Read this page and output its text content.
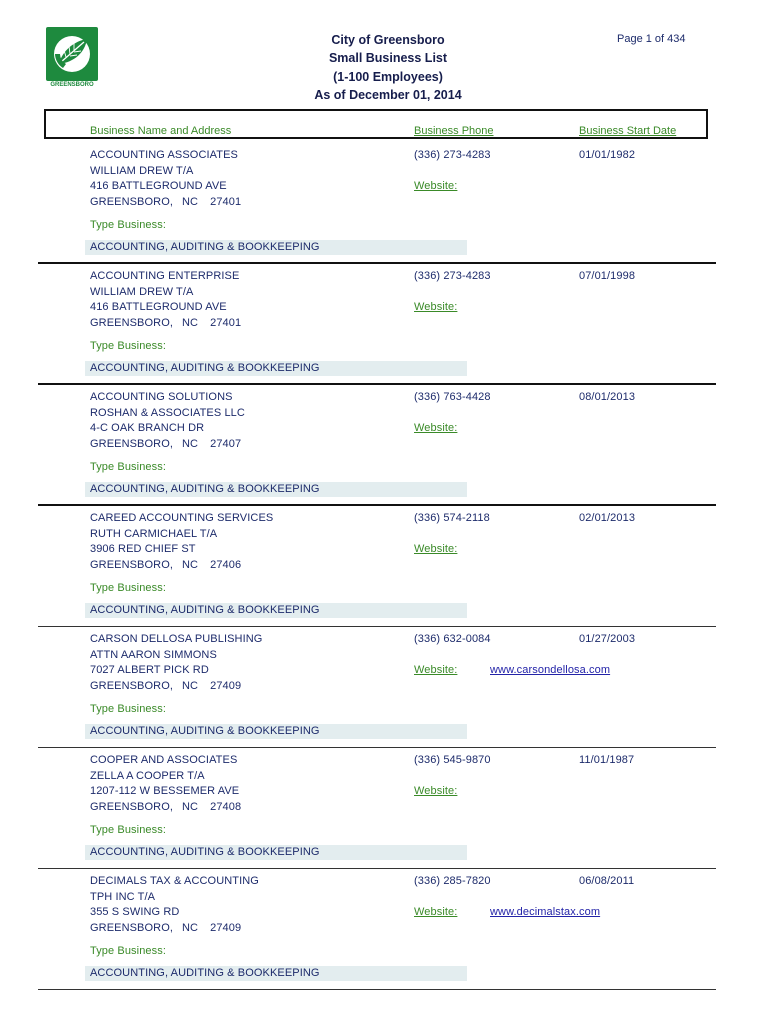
GREENSBORO
City of Greensboro
Small Business List
(1-100 Employees)
As of December 01, 2014
Page 1 of 434
Business Name and Address	Business Phone	Business Start Date
ACCOUNTING ASSOCIATES
WILLIAM DREW T/A
416 BATTLEGROUND AVE
GREENSBORO, NC 27401
(336) 273-4283	01/01/1982
Website:
Type Business:
ACCOUNTING, AUDITING & BOOKKEEPING
ACCOUNTING ENTERPRISE
WILLIAM DREW T/A
416 BATTLEGROUND AVE
GREENSBORO, NC 27401
(336) 273-4283	07/01/1998
Website:
Type Business:
ACCOUNTING, AUDITING & BOOKKEEPING
ACCOUNTING SOLUTIONS
ROSHAN & ASSOCIATES LLC
4-C OAK BRANCH DR
GREENSBORO, NC 27407
(336) 763-4428	08/01/2013
Website:
Type Business:
ACCOUNTING, AUDITING & BOOKKEEPING
CAREED ACCOUNTING SERVICES
RUTH CARMICHAEL T/A
3906 RED CHIEF ST
GREENSBORO, NC 27406
(336) 574-2118	02/01/2013
Website:
Type Business:
ACCOUNTING, AUDITING & BOOKKEEPING
CARSON DELLOSA PUBLISHING
ATTN AARON SIMMONS
7027 ALBERT PICK RD
GREENSBORO, NC 27409
(336) 632-0084	01/27/2003
Website:	www.carsondellosa.com
Type Business:
ACCOUNTING, AUDITING & BOOKKEEPING
COOPER AND ASSOCIATES
ZELLA A COOPER T/A
1207-112 W BESSEMER AVE
GREENSBORO, NC 27408
(336) 545-9870	11/01/1987
Website:
Type Business:
ACCOUNTING, AUDITING & BOOKKEEPING
DECIMALS TAX & ACCOUNTING
TPH INC T/A
355 S SWING RD
GREENSBORO, NC 27409
(336) 285-7820	06/08/2011
Website:	www.decimalstax.com
Type Business:
ACCOUNTING, AUDITING & BOOKKEEPING
